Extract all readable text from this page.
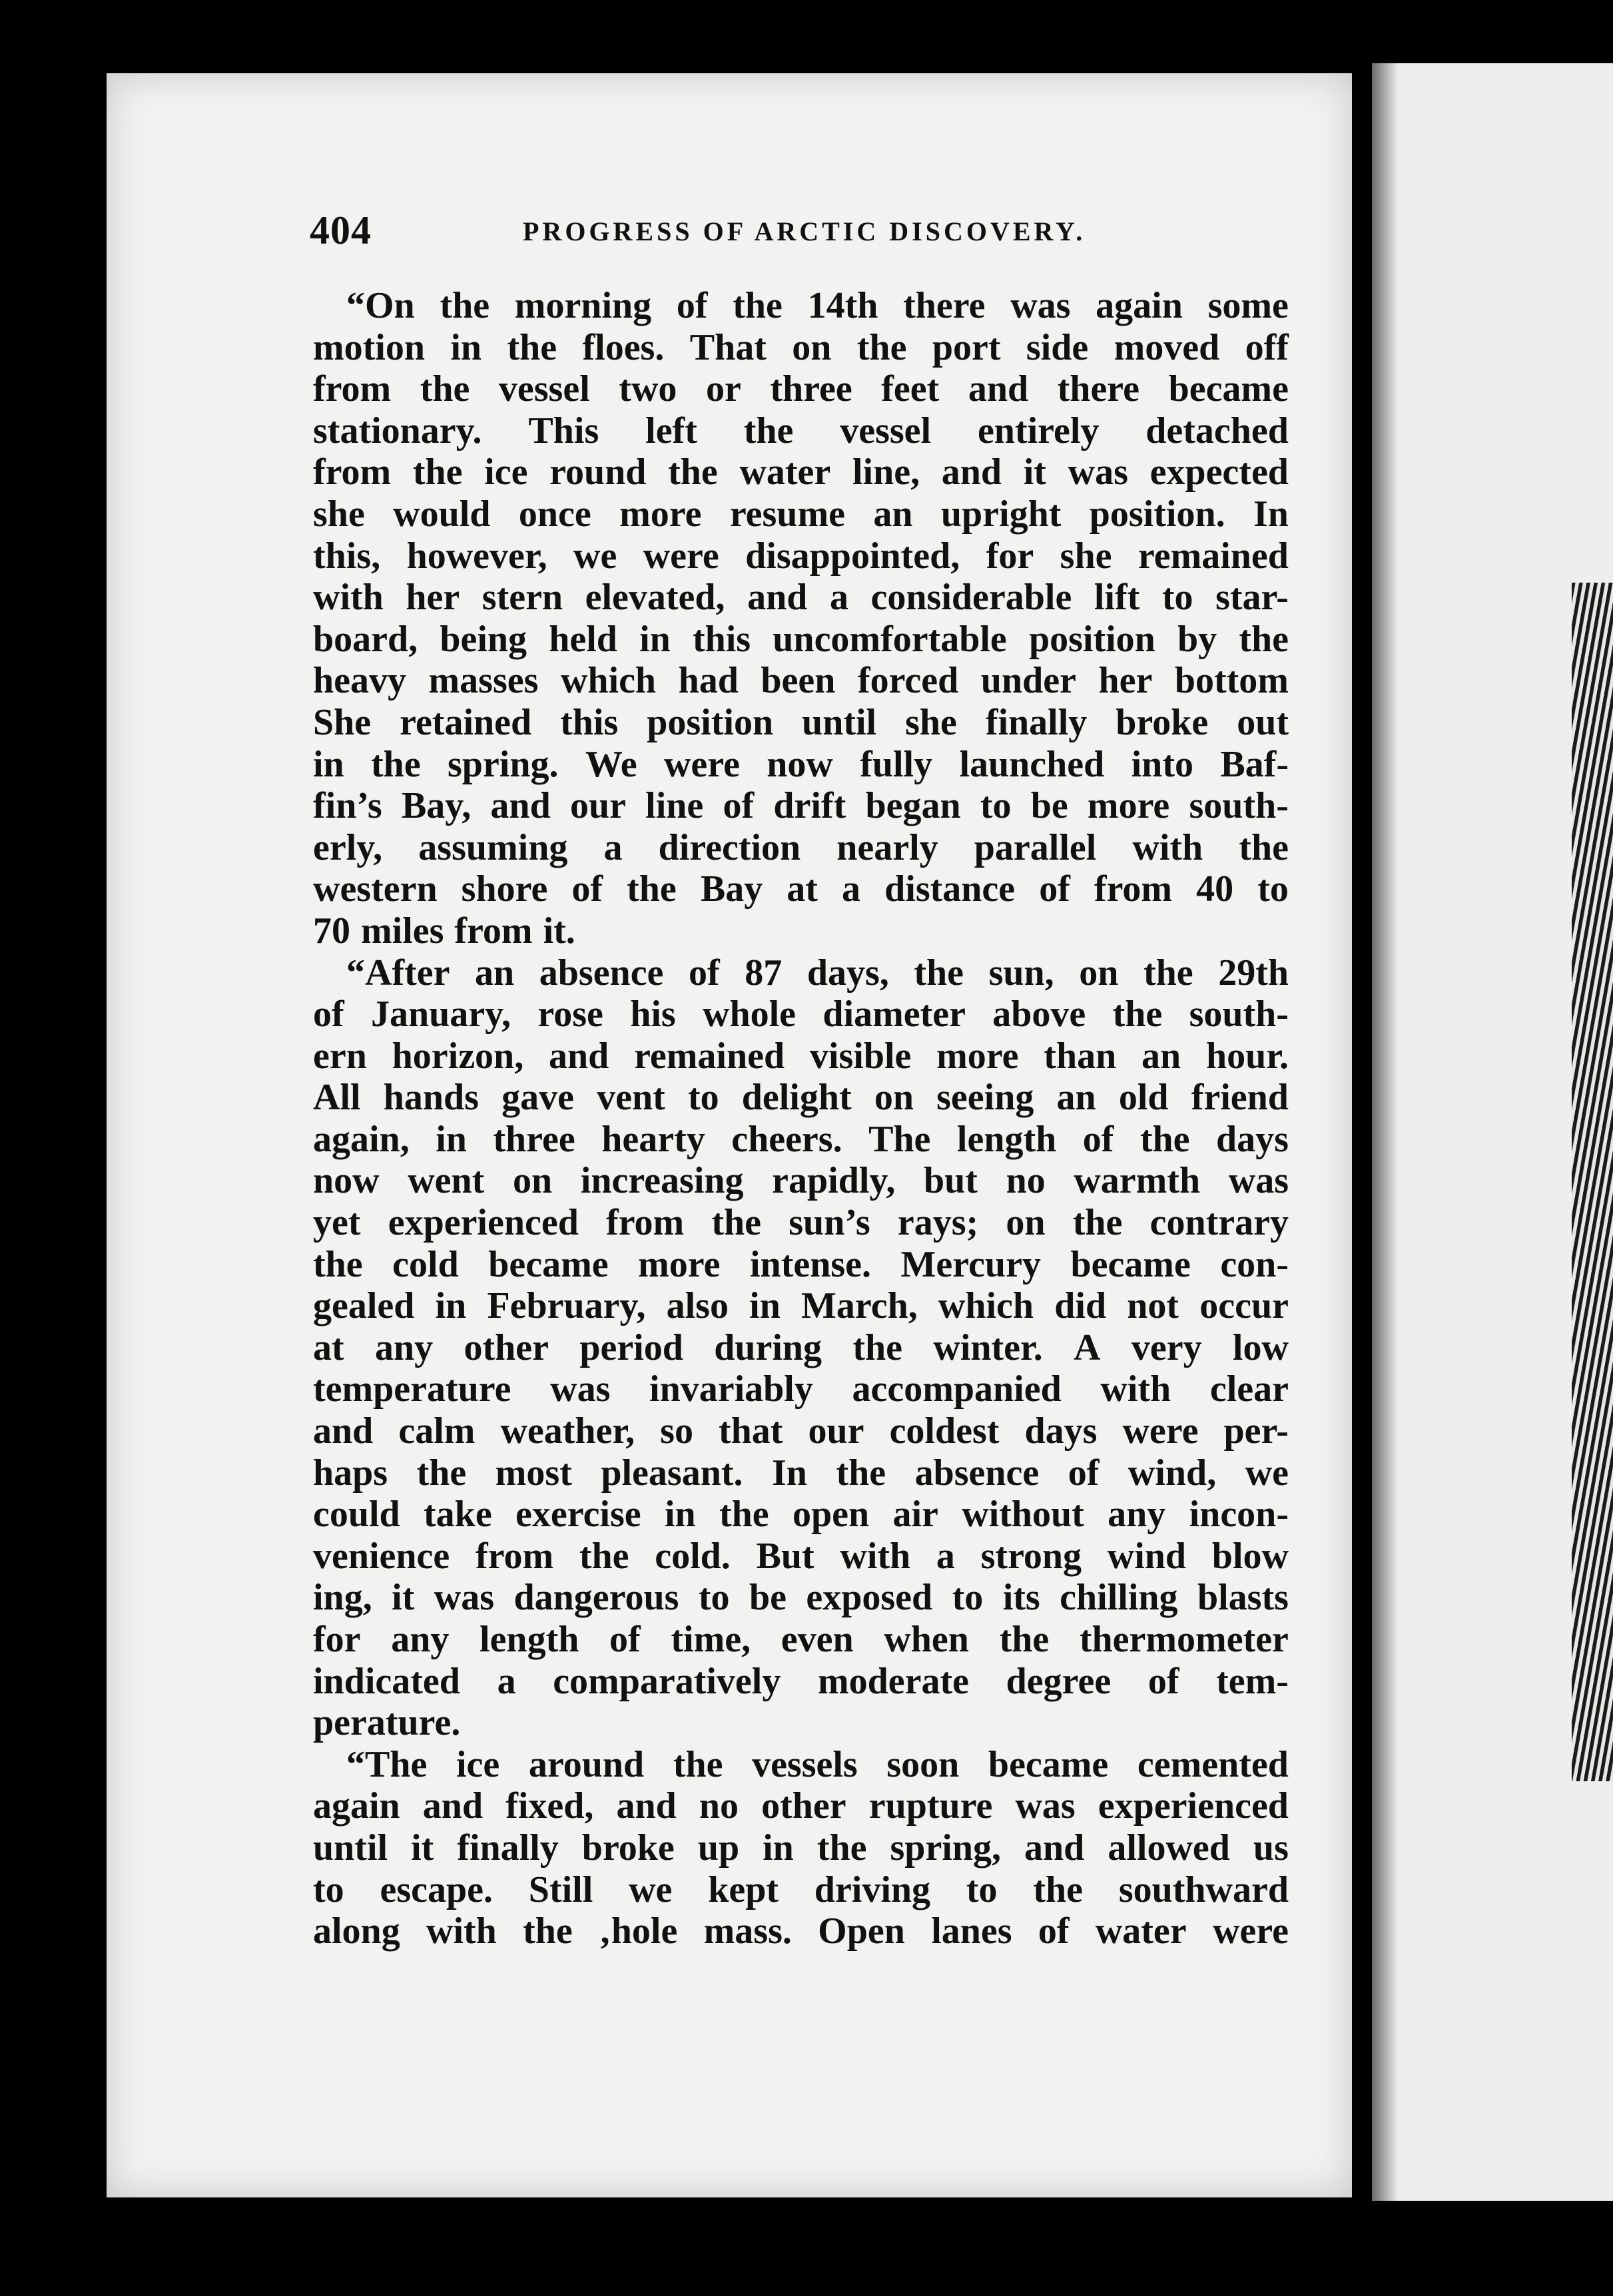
404	PROGRESS OF ARCTIC DISCOVERY.
“On the morning of the 14th there was again some
motion in the floes. That on the port side moved off
from the vessel two or three feet and there became
stationary. This left the vessel entirely detached
from the ice round the water line, and it was expected
she would once more resume an upright position. In
this, however, we were disappointed, for she remained
with her stern elevated, and a considerable lift to star-
board, being held in this uncomfortable position by the
heavy masses which had been forced under her bottom
She retained this position until she finally broke out
in the spring. We were now fully launched into Baf-
fin’s Bay, and our line of drift began to be more south-
erly, assuming a direction nearly parallel with the
western shore of the Bay at a distance of from 40 to
70 miles from it.
“After an absence of 87 days, the sun, on the 29th
of January, rose his whole diameter above the south-
ern horizon, and remained visible more than an hour.
All hands gave vent to delight on seeing an old friend
again, in three hearty cheers. The length of the days
now went on increasing rapidly, but no warmth was
yet experienced from the sun’s rays; on the contrary
the cold became more intense. Mercury became con-
gealed in February, also in March, which did not occur
at any other period during the winter. A very low
temperature was invariably accompanied with clear
and calm weather, so that our coldest days were per-
haps the most pleasant. In the absence of wind, we
could take exercise in the open air without any incon-
venience from the cold. But with a strong wind blow
ing, it was dangerous to be exposed to its chilling blasts
for any length of time, even when the thermometer
indicated a comparatively moderate degree of tem-
perature.
“The ice around the vessels soon became cemented
again and fixed, and no other rupture was experienced
until it finally broke up in the spring, and allowed us
to escape. Still we kept driving to the southward
along with the ‚hole mass. Open lanes of water were
